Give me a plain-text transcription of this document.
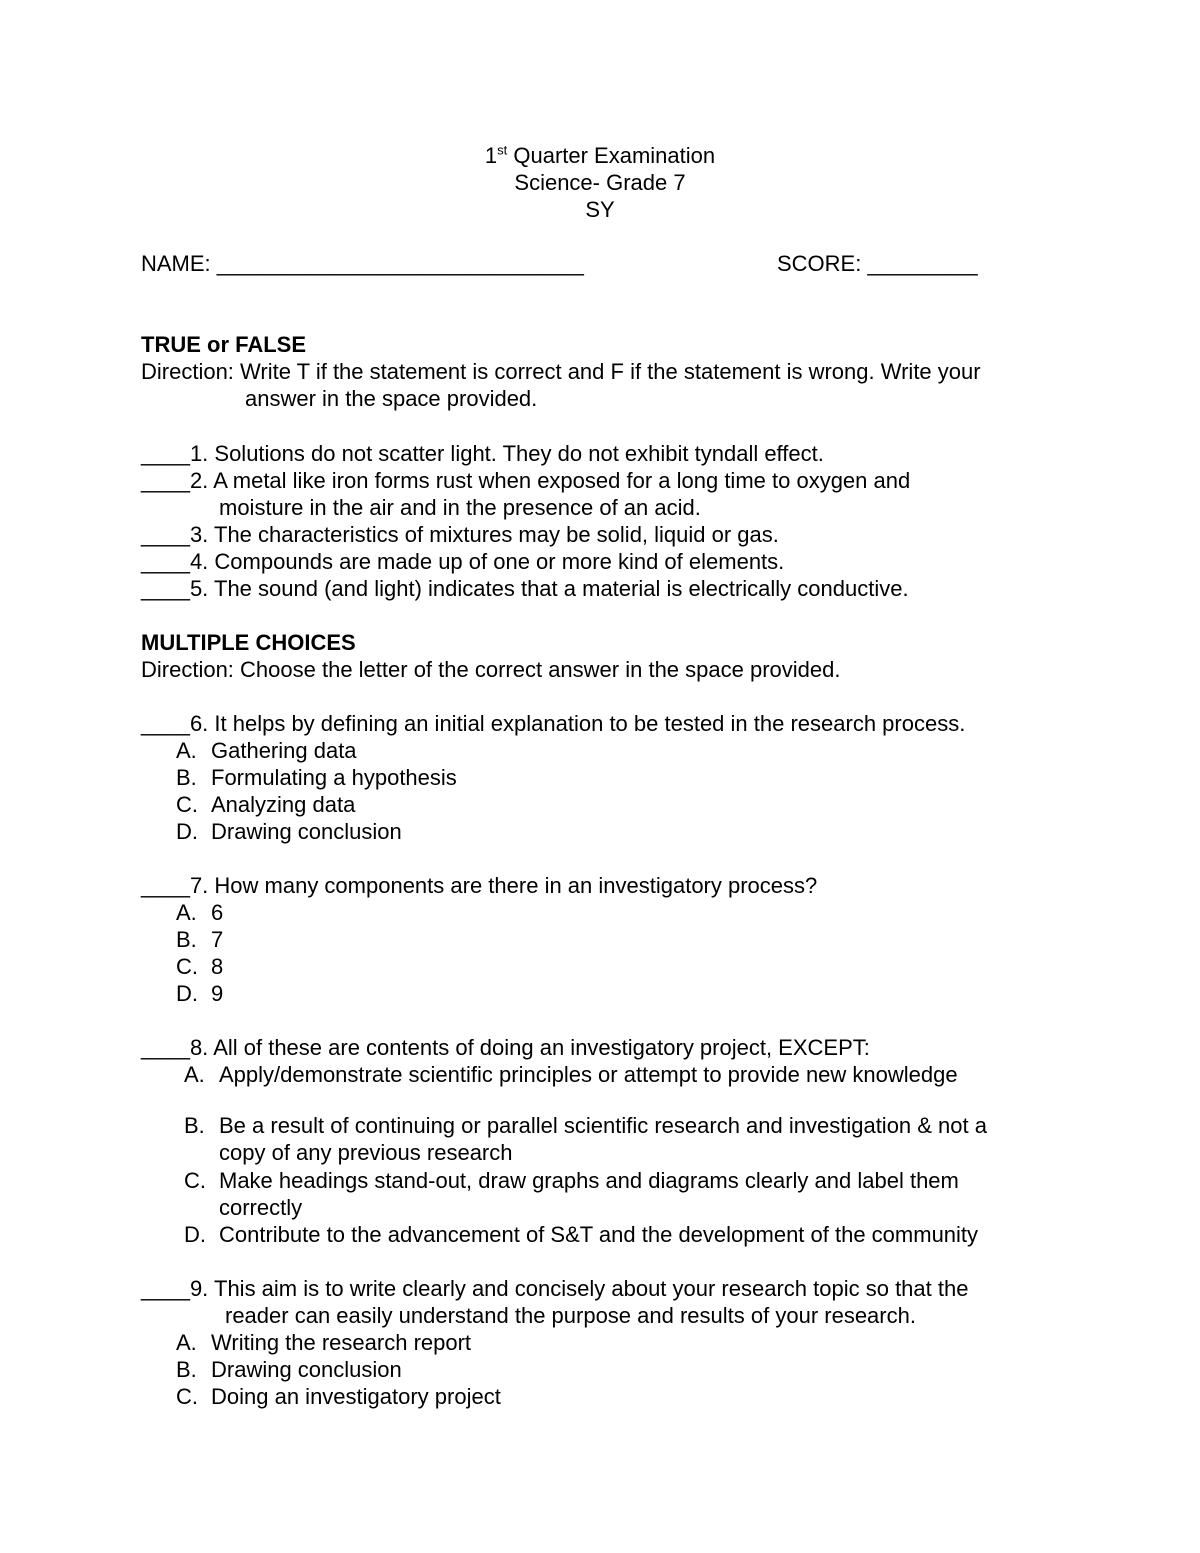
1st Quarter Examination
Science- Grade 7
SY
NAME: ______________________________	SCORE: _________
TRUE or FALSE
Direction: Write T if the statement is correct and F if the statement is wrong. Write your
answer in the space provided.
____1. Solutions do not scatter light. They do not exhibit tyndall effect.
____2. A metal like iron forms rust when exposed for a long time to oxygen and
moisture in the air and in the presence of an acid.
____3. The characteristics of mixtures may be solid, liquid or gas.
____4. Compounds are made up of one or more kind of elements.
____5. The sound (and light) indicates that a material is electrically conductive.
MULTIPLE CHOICES
Direction: Choose the letter of the correct answer in the space provided.
____6. It helps by defining an initial explanation to be tested in the research process.
A. Gathering data
B. Formulating a hypothesis
C. Analyzing data
D. Drawing conclusion
____7. How many components are there in an investigatory process?
A. 6
B. 7
C. 8
D. 9
____8. All of these are contents of doing an investigatory project, EXCEPT:
A. Apply/demonstrate scientific principles or attempt to provide new knowledge
B. Be a result of continuing or parallel scientific research and investigation & not a
copy of any previous research
C. Make headings stand-out, draw graphs and diagrams clearly and label them
correctly
D. Contribute to the advancement of S&T and the development of the community
____9. This aim is to write clearly and concisely about your research topic so that the
reader can easily understand the purpose and results of your research.
A. Writing the research report
B. Drawing conclusion
C. Doing an investigatory project
